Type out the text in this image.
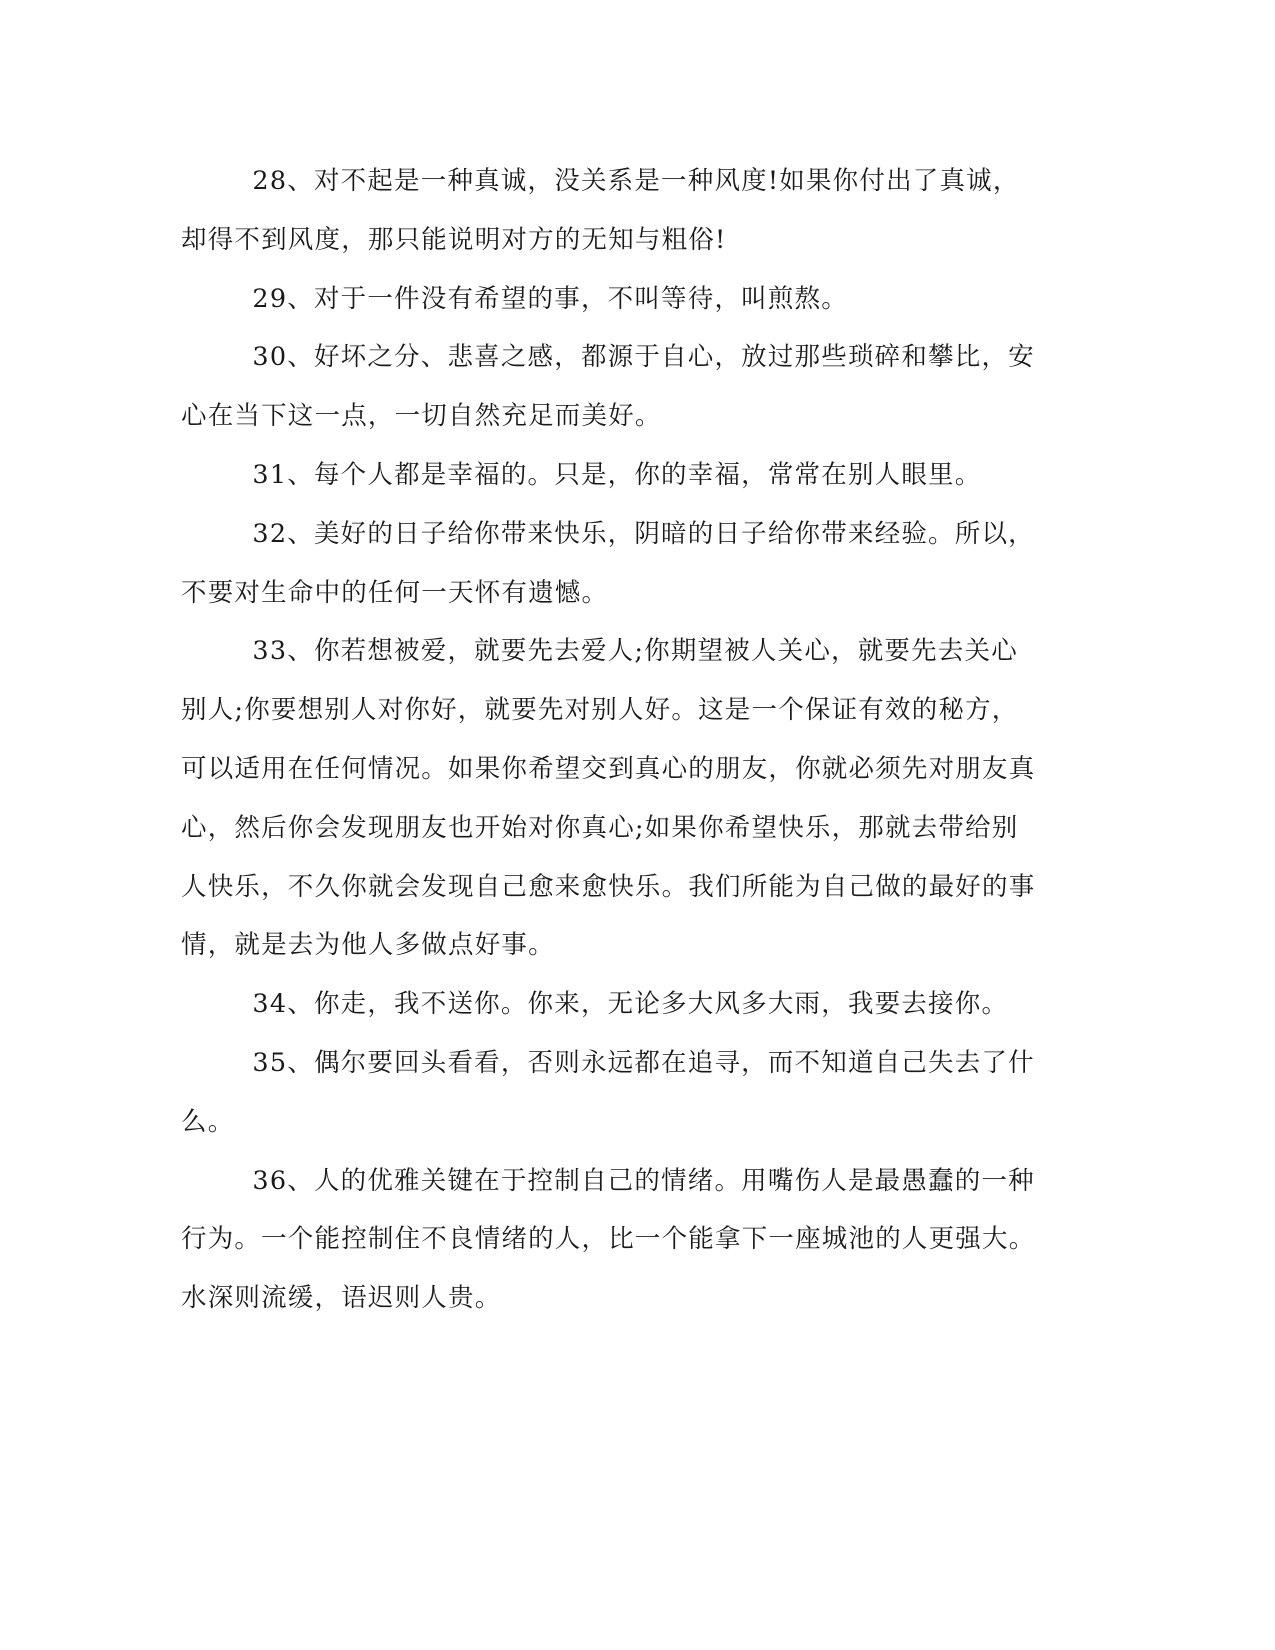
28、对不起是一种真诚，没关系是一种风度!如果你付出了真诚，却得不到风度，那只能说明对方的无知与粗俗!

29、对于一件没有希望的事，不叫等待，叫煎熬。

30、好坏之分、悲喜之感，都源于自心，放过那些琐碎和攀比，安心在当下这一点，一切自然充足而美好。

31、每个人都是幸福的。只是，你的幸福，常常在别人眼里。

32、美好的日子给你带来快乐，阴暗的日子给你带来经验。所以，不要对生命中的任何一天怀有遗憾。

33、你若想被爱，就要先去爱人;你期望被人关心，就要先去关心别人;你要想别人对你好，就要先对别人好。这是一个保证有效的秘方，可以适用在任何情况。如果你希望交到真心的朋友，你就必须先对朋友真心，然后你会发现朋友也开始对你真心;如果你希望快乐，那就去带给别人快乐，不久你就会发现自己愈来愈快乐。我们所能为自己做的最好的事情，就是去为他人多做点好事。

34、你走，我不送你。你来，无论多大风多大雨，我要去接你。

35、偶尔要回头看看，否则永远都在追寻，而不知道自己失去了什么。

36、人的优雅关键在于控制自己的情绪。用嘴伤人是最愚蠢的一种行为。一个能控制住不良情绪的人，比一个能拿下一座城池的人更强大。水深则流缓，语迟则人贵。
